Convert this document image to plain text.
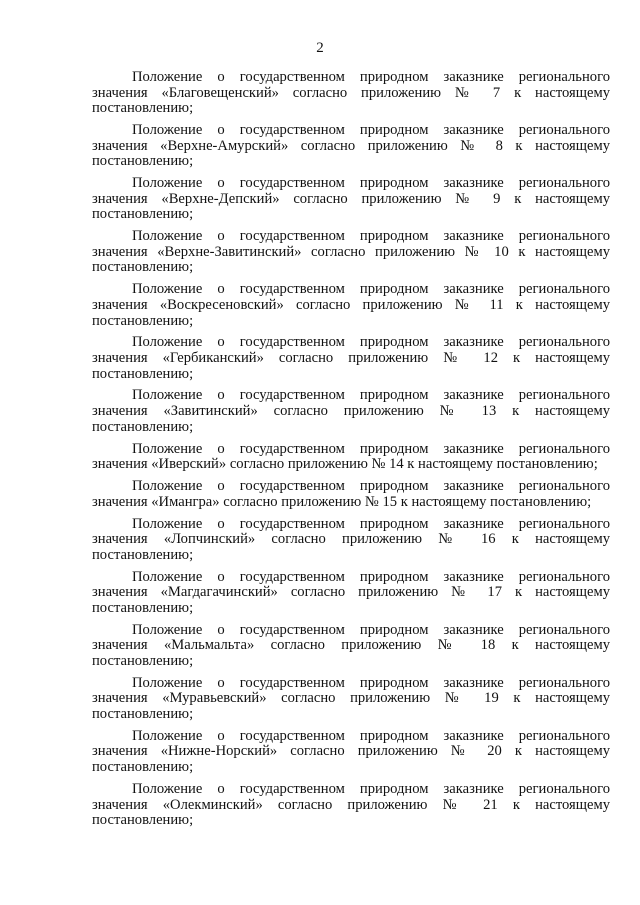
2

Положение о государственном природном заказнике регионального значения «Благовещенский» согласно приложению № 7 к настоящему постановлению;

Положение о государственном природном заказнике регионального значения «Верхне-Амурский» согласно приложению № 8 к настоящему постановлению;

Положение о государственном природном заказнике регионального значения «Верхне-Депский» согласно приложению № 9 к настоящему постановлению;

Положение о государственном природном заказнике регионального значения «Верхне-Завитинский» согласно приложению № 10 к настоящему постановлению;

Положение о государственном природном заказнике регионального значения «Воскресеновский» согласно приложению № 11 к настоящему постановлению;

Положение о государственном природном заказнике регионального значения «Гербиканский» согласно приложению № 12 к настоящему постановлению;

Положение о государственном природном заказнике регионального значения «Завитинский» согласно приложению № 13 к настоящему постановлению;

Положение о государственном природном заказнике регионального значения «Иверский» согласно приложению № 14 к настоящему постановлению;

Положение о государственном природном заказнике регионального значения «Имангра» согласно приложению № 15 к настоящему постановлению;

Положение о государственном природном заказнике регионального значения «Лопчинский» согласно приложению № 16 к настоящему постановлению;

Положение о государственном природном заказнике регионального значения «Магдагачинский» согласно приложению № 17 к настоящему постановлению;

Положение о государственном природном заказнике регионального значения «Мальмальта» согласно приложению № 18 к настоящему постановлению;

Положение о государственном природном заказнике регионального значения «Муравьевский» согласно приложению № 19 к настоящему постановлению;

Положение о государственном природном заказнике регионального значения «Нижне-Норский» согласно приложению № 20 к настоящему постановлению;

Положение о государственном природном заказнике регионального значения «Олекминский» согласно приложению № 21 к настоящему постановлению;
